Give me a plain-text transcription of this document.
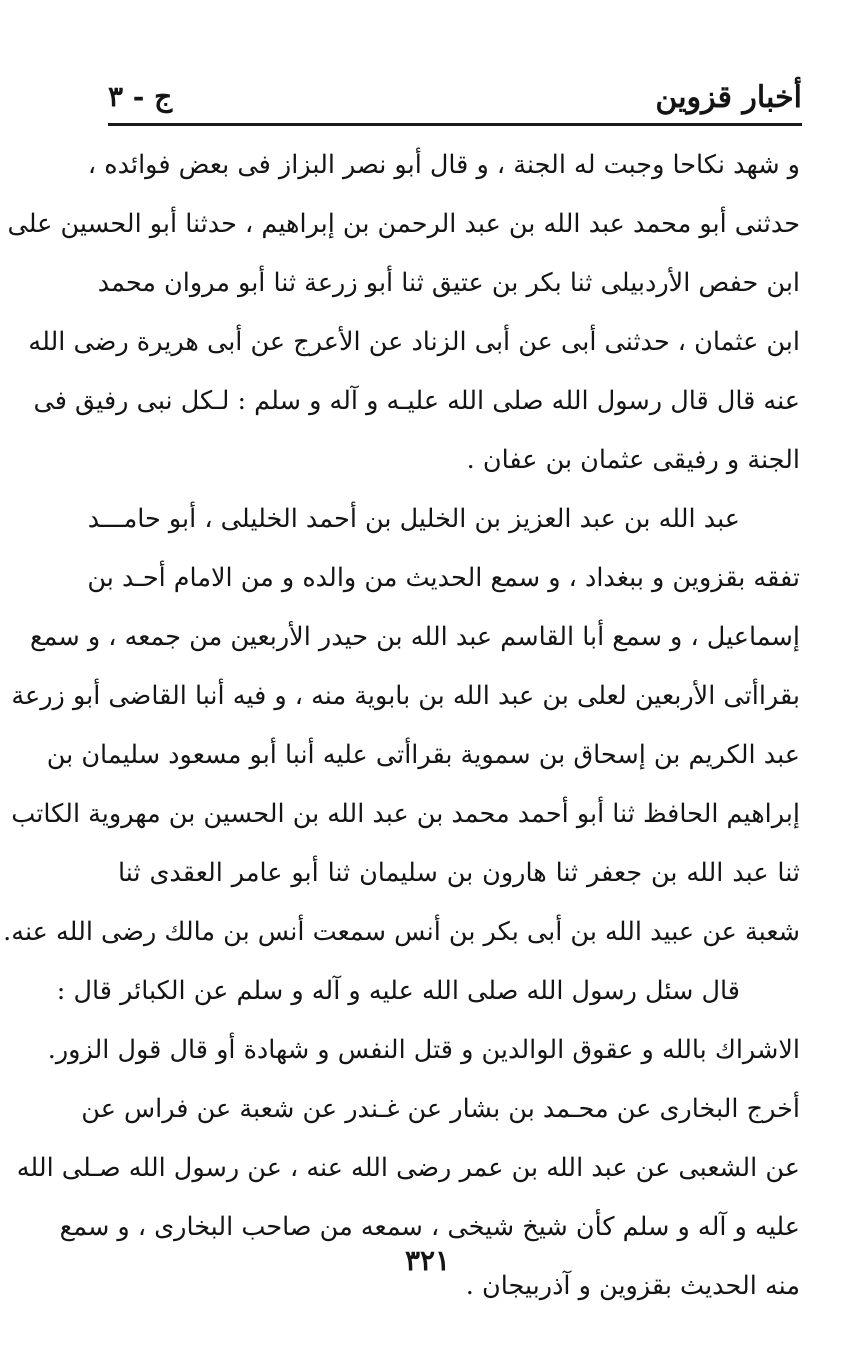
أخبار قزوين
ج - ٣
و شهد نكاحا وجبت له الجنة ، و قال أبو نصر البزاز فى بعض فوائده ،
حدثنى أبو محمد عبد الله بن عبد الرحمن بن إبراهيم ، حدثنا أبو الحسين على
ابن حفص الأردبيلى ثنا بكر بن عتيق ثنا أبو زرعة ثنا أبو مروان محمد
ابن عثمان ، حدثنى أبى عن أبى الزناد عن الأعرج عن أبى هريرة رضى الله
عنه قال قال رسول الله صلى الله عليـه و آله و سلم : لـكل نبى رفيق فى
الجنة و رفيقى عثمان بن عفان .
عبد الله بن عبد العزيز بن الخليل بن أحمد الخليلى ، أبو حامـــد
تفقه بقزوين و ببغداد ، و سمع الحديث من والده و من الامام أحـد بن
إسماعيل ، و سمع أبا القاسم عبد الله بن حيدر الأربعين من جمعه ، و سمع
بقراأتى الأربعين لعلى بن عبد الله بن بابوية منه ، و فيه أنبا القاضى أبو زرعة
عبد الكريم بن إسحاق بن سموية بقراأتى عليه أنبا أبو مسعود سليمان بن
إبراهيم الحافظ ثنا أبو أحمد محمد بن عبد الله بن الحسين بن مهروية الكاتب
ثنا عبد الله بن جعفر ثنا هارون بن سليمان ثنا أبو عامر العقدى ثنا
شعبة عن عبيد الله بن أبى بكر بن أنس سمعت أنس بن مالك رضى الله عنه.
قال سئل رسول الله صلى الله عليه و آله و سلم عن الكبائر قال :
الاشراك بالله و عقوق الوالدين و قتل النفس و شهادة أو قال قول الزور.
أخرج البخارى عن محـمد بن بشار عن غـندر عن شعبة عن فراس عن
عن الشعبى عن عبد الله بن عمر رضى الله عنه ، عن رسول الله صـلى الله
عليه و آله و سلم كأن شيخ شيخى ، سمعه من صاحب البخارى ، و سمع
منه الحديث بقزوين و آذربيجان .
٣٢١
